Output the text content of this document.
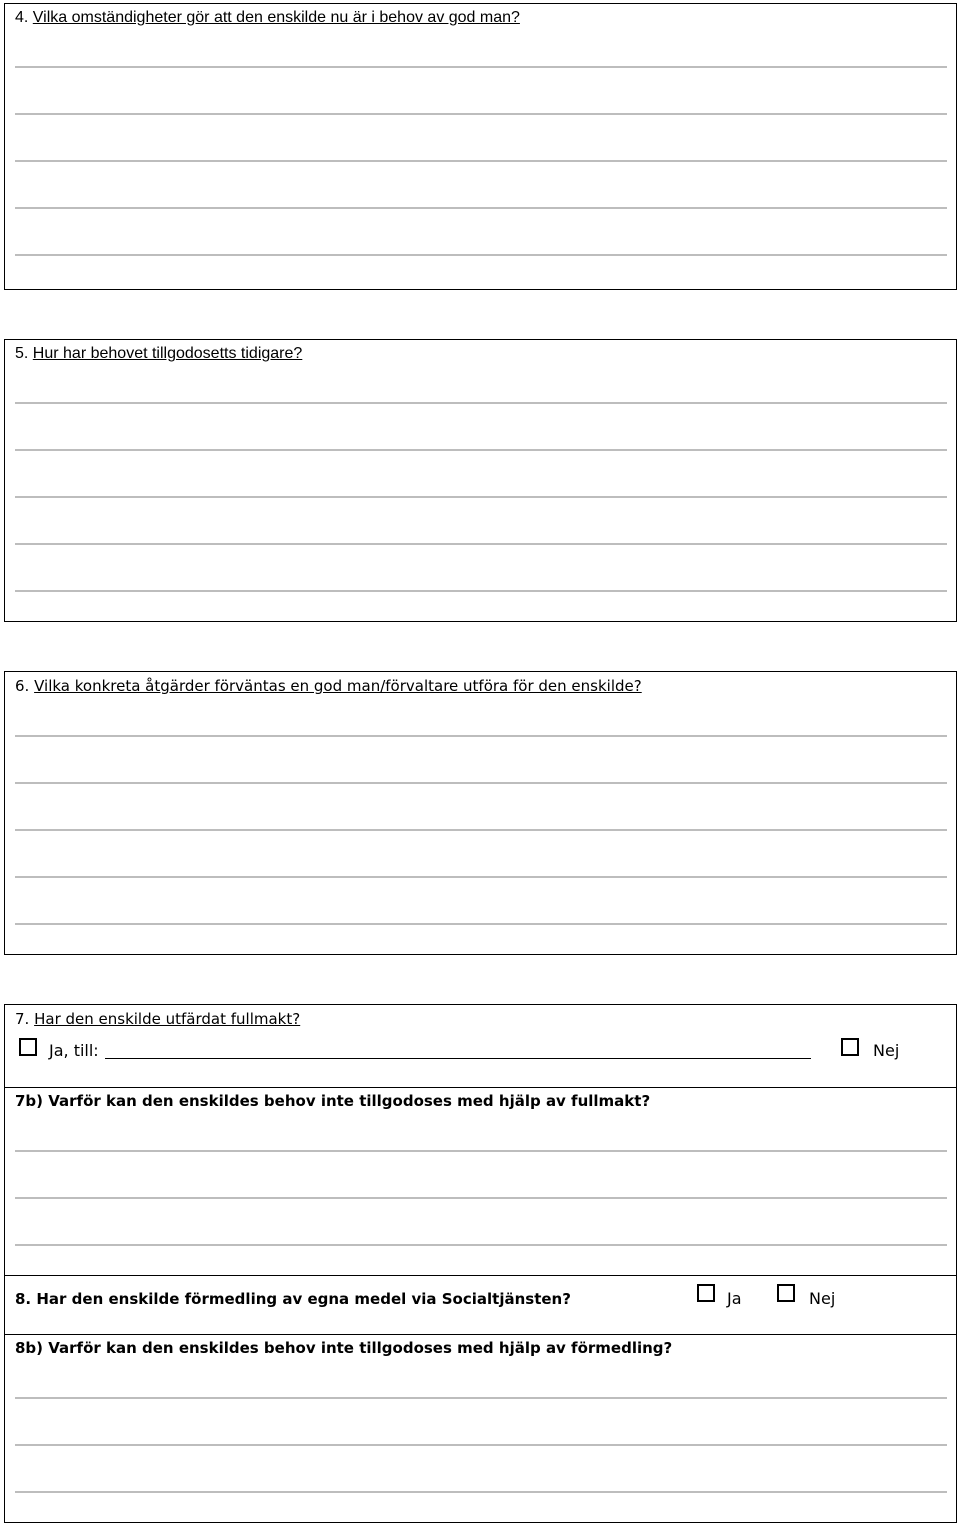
4. Vilka omständigheter gör att den enskilde nu är i behov av god man?
5. Hur har behovet tillgodosetts tidigare?
6. Vilka konkreta åtgärder förväntas en god man/förvaltare utföra för den enskilde?
7. Har den enskilde utfärdat fullmakt?
Ja, till:	Nej
7b) Varför kan den enskildes behov inte tillgodoses med hjälp av fullmakt?
8. Har den enskilde förmedling av egna medel via Socialtjänsten?	Ja	Nej
8b) Varför kan den enskildes behov inte tillgodoses med hjälp av förmedling?
